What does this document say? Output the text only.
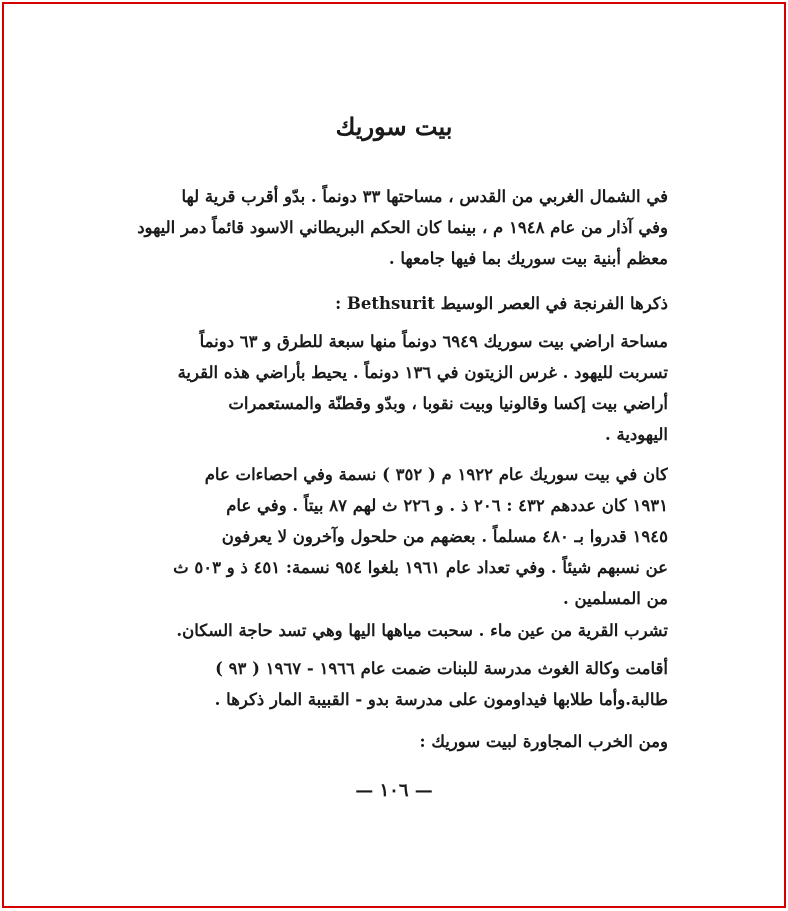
بيت سوريك
في الشمال الغربي من القدس ، مساحتها ٣٣ دونماً . بدّو أقرب قرية لها
وفي آذار من عام ١٩٤٨ م ، بينما كان الحكم البريطاني الاسود قائماً دمر اليهود
معظم أبنية بيت سوريك بما فيها جامعها .
ذكرها الفرنجة في العصر الوسيط Bethsurit :
مساحة اراضي بيت سوريك ٦٩٤٩ دونماً منها سبعة للطرق و ٦٣ دونماً
تسربت لليهود . غرس الزيتون في ١٣٦ دونماً . يحيط بأراضي هذه القرية
أراضي بيت إكسا وقالونيا وبيت نقوبا ، وبدّو وقطنّة والمستعمرات
اليهودية .
كان في بيت سوريك عام ١٩٢٢ م ( ٣٥٢ ) نسمة وفي احصاءات عام
١٩٣١ كان عددهم ٤٣٢ : ٢٠٦ ذ . و ٢٢٦ ث لهم ٨٧ بيتاً . وفي عام
١٩٤٥ قدروا بـ ٤٨٠ مسلماً . بعضهم من حلحول وآخرون لا يعرفون
عن نسبهم شيئاً . وفي تعداد عام ١٩٦١ بلغوا ٩٥٤ نسمة: ٤٥١ ذ و ٥٠٣ ث
من المسلمين .
تشرب القرية من عين ماء . سحبت مياهها اليها وهي تسد حاجة السكان.
أقامت وكالة الغوث مدرسة للبنات ضمت عام ١٩٦٦ - ١٩٦٧ ( ٩٣ )
طالبة.وأما طلابها فيداومون على مدرسة بدو - القبيبة المار ذكرها .
ومن الخرب المجاورة لبيت سوريك :
— ١٠٦ —
